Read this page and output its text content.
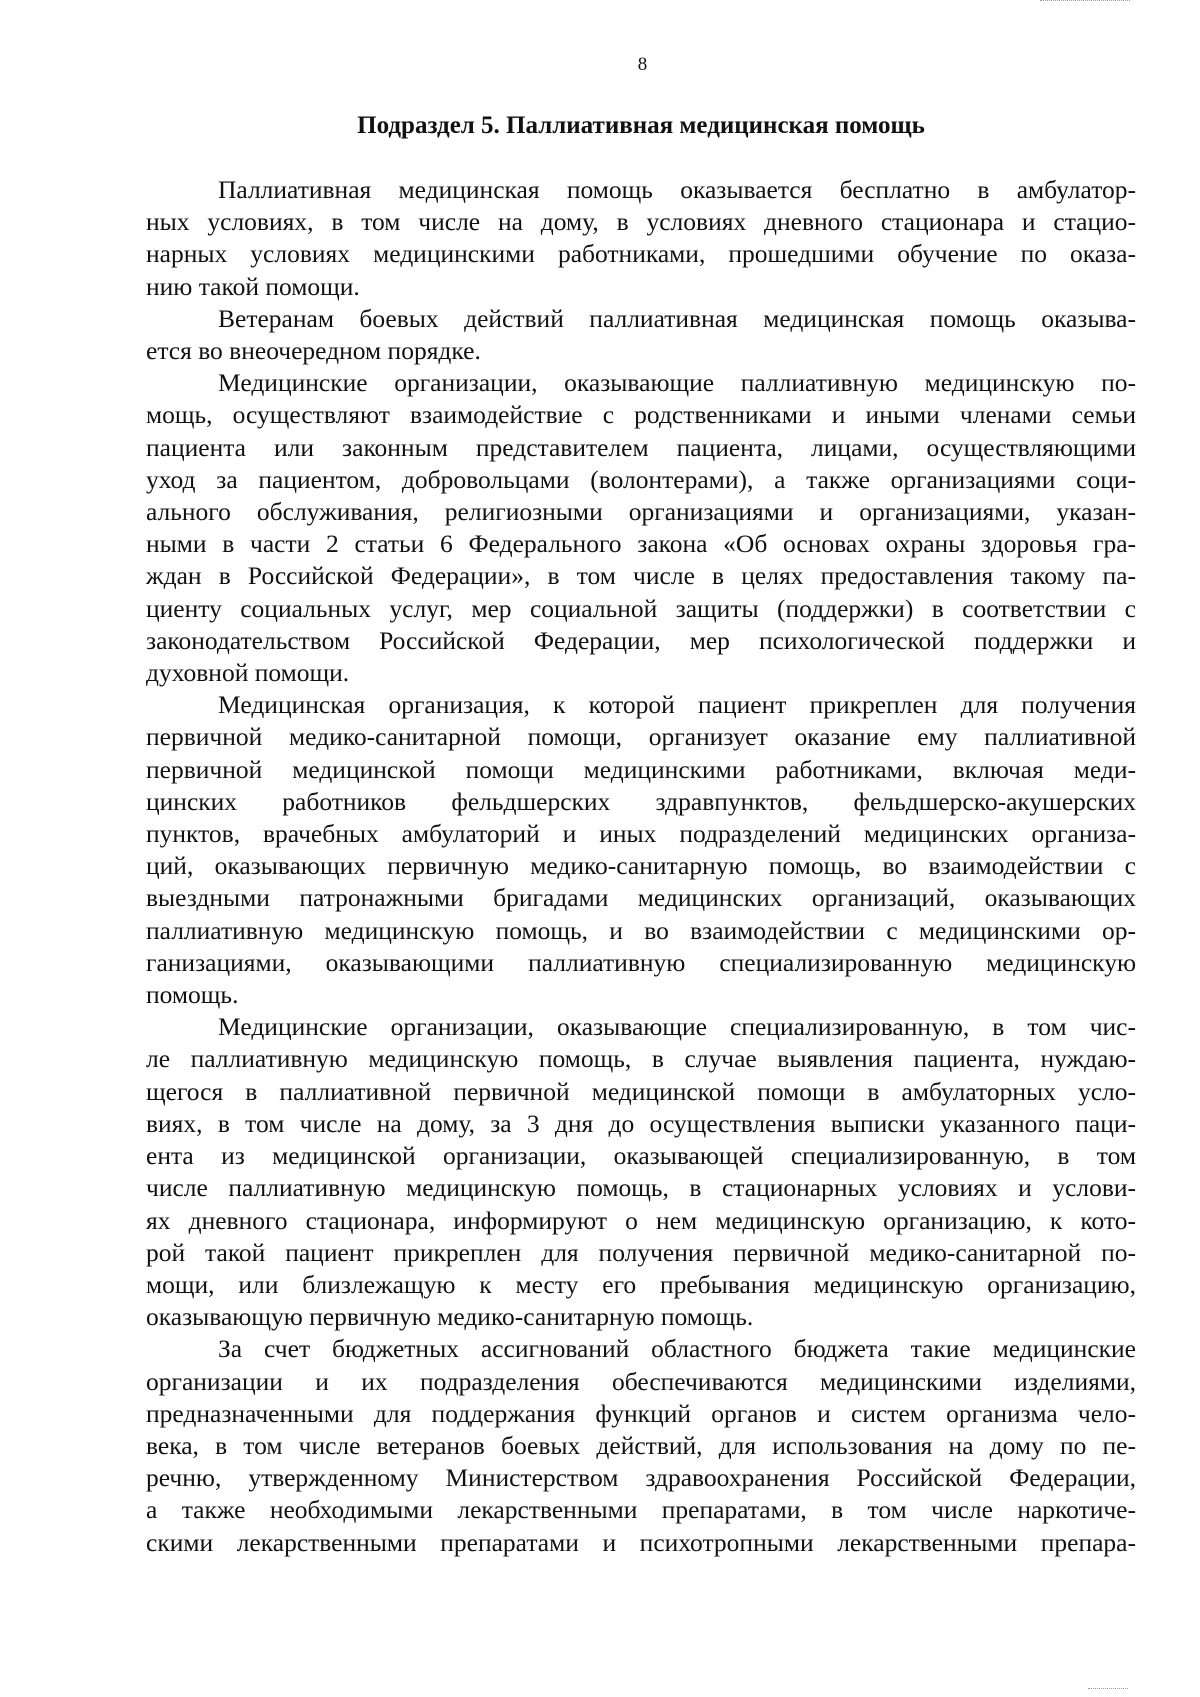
8
Подраздел 5. Паллиативная медицинская помощь
Паллиативная медицинская помощь оказывается бесплатно в амбулатор-
ных условиях, в том числе на дому, в условиях дневного стационара и стацио-
нарных условиях медицинскими работниками, прошедшими обучение по оказа-
нию такой помощи.
Ветеранам боевых действий паллиативная медицинская помощь оказыва-
ется во внеочередном порядке.
Медицинские организации, оказывающие паллиативную медицинскую по-
мощь, осуществляют взаимодействие с родственниками и иными членами семьи
пациента или законным представителем пациента, лицами, осуществляющими
уход за пациентом, добровольцами (волонтерами), а также организациями соци-
ального обслуживания, религиозными организациями и организациями, указан-
ными в части 2 статьи 6 Федерального закона «Об основах охраны здоровья гра-
ждан в Российской Федерации», в том числе в целях предоставления такому па-
циенту социальных услуг, мер социальной защиты (поддержки) в соответствии с
законодательством Российской Федерации, мер психологической поддержки и
духовной помощи.
Медицинская организация, к которой пациент прикреплен для получения
первичной медико-санитарной помощи, организует оказание ему паллиативной
первичной медицинской помощи медицинскими работниками, включая меди-
цинских работников фельдшерских здравпунктов, фельдшерско-акушерских
пунктов, врачебных амбулаторий и иных подразделений медицинских организа-
ций, оказывающих первичную медико-санитарную помощь, во взаимодействии с
выездными патронажными бригадами медицинских организаций, оказывающих
паллиативную медицинскую помощь, и во взаимодействии с медицинскими ор-
ганизациями, оказывающими паллиативную специализированную медицинскую
помощь.
Медицинские организации, оказывающие специализированную, в том чис-
ле паллиативную медицинскую помощь, в случае выявления пациента, нуждаю-
щегося в паллиативной первичной медицинской помощи в амбулаторных усло-
виях, в том числе на дому, за 3 дня до осуществления выписки указанного паци-
ента из медицинской организации, оказывающей специализированную, в том
числе паллиативную медицинскую помощь, в стационарных условиях и услови-
ях дневного стационара, информируют о нем медицинскую организацию, к кото-
рой такой пациент прикреплен для получения первичной медико-санитарной по-
мощи, или близлежащую к месту его пребывания медицинскую организацию,
оказывающую первичную медико-санитарную помощь.
За счет бюджетных ассигнований областного бюджета такие медицинские
организации и их подразделения обеспечиваются медицинскими изделиями,
предназначенными для поддержания функций органов и систем организма чело-
века, в том числе ветеранов боевых действий, для использования на дому по пе-
речню, утвержденному Министерством здравоохранения Российской Федерации,
а также необходимыми лекарственными препаратами, в том числе наркотиче-
скими лекарственными препаратами и психотропными лекарственными препара-
